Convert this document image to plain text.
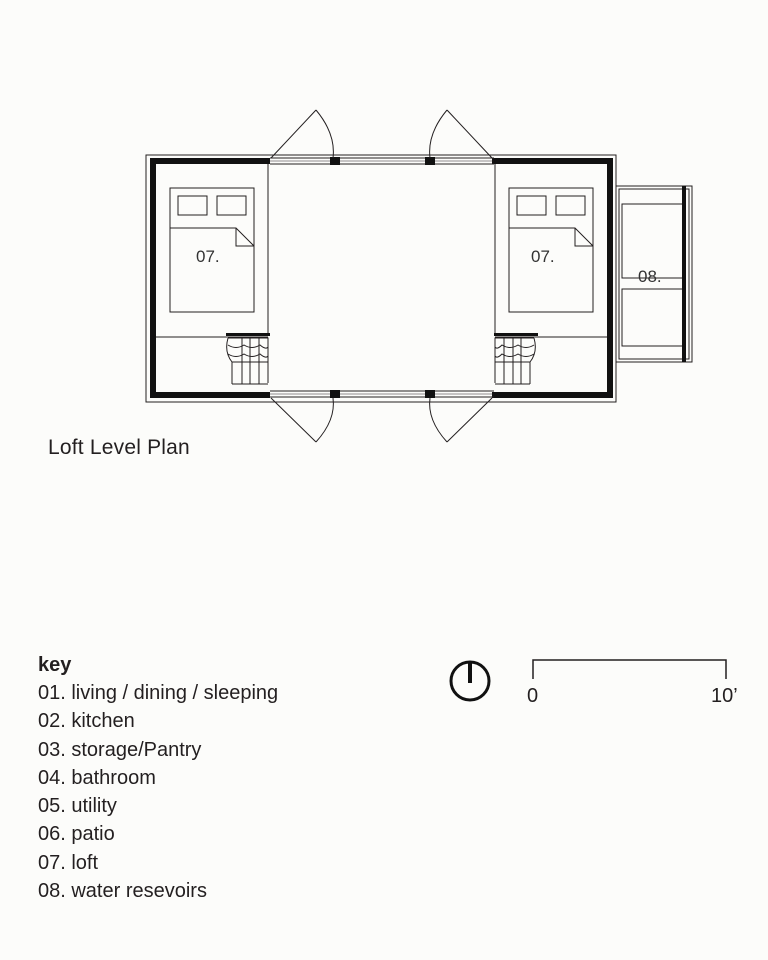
07.	07.
08.
0	10’
Loft Level Plan
key
01. living / dining / sleeping
02. kitchen
03. storage/Pantry
04. bathroom
05. utility
06. patio
07. loft
08. water resevoirs
